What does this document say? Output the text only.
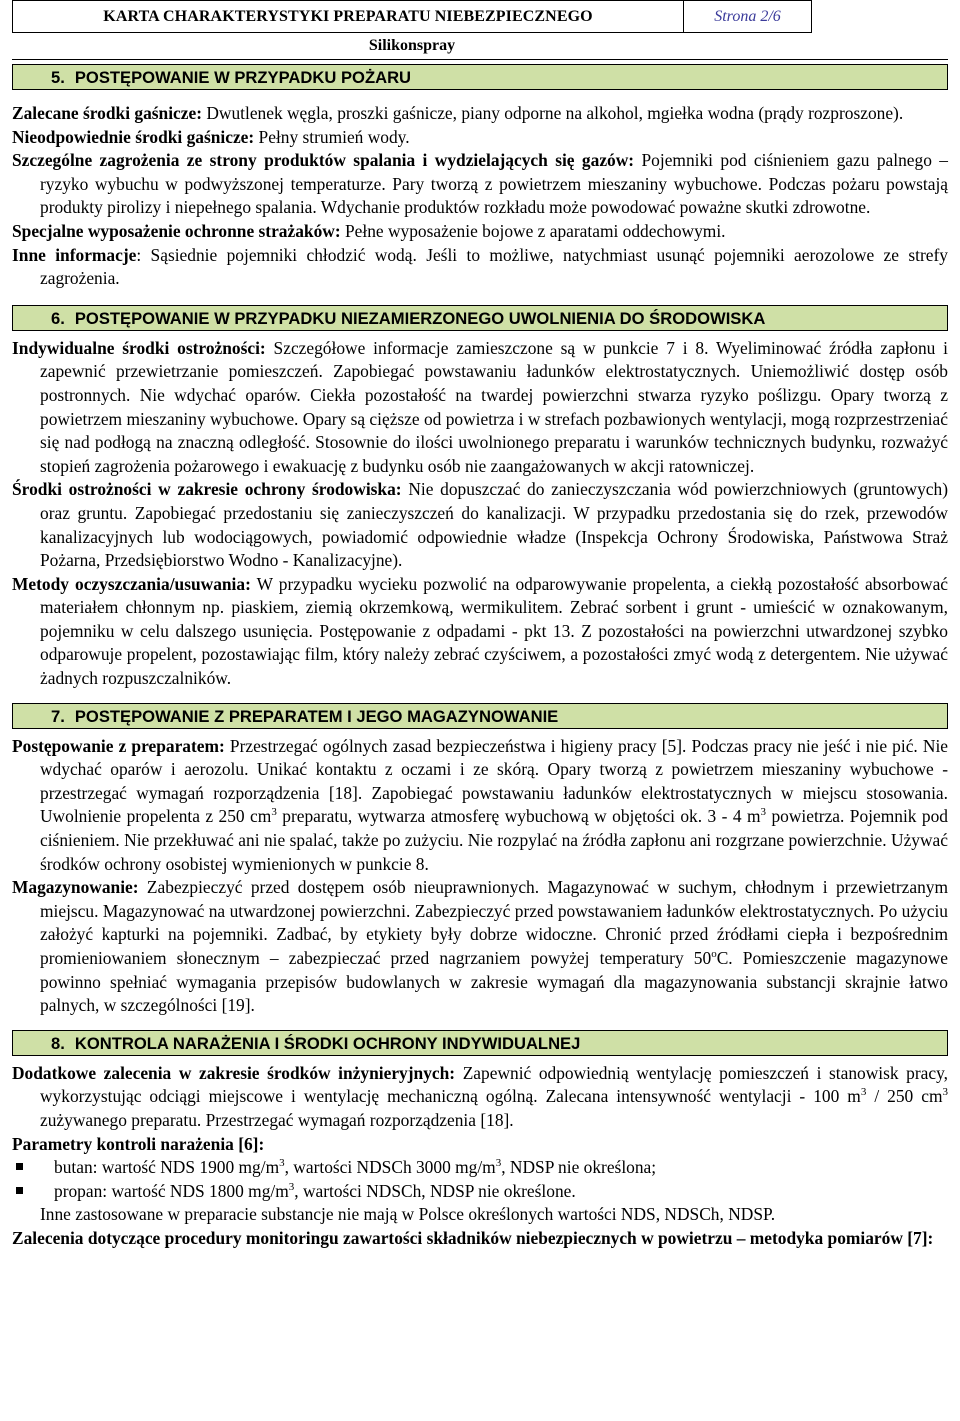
KARTA CHARAKTERYSTYKI PREPARATU NIEBEZPIECZNEGO	Strona 2/6
Silikonspray
5. POSTĘPOWANIE W PRZYPADKU POŻARU

Zalecane środki gaśnicze: Dwutlenek węgla, proszki gaśnicze, piany odporne na alkohol, mgiełka wodna (prądy rozproszone).

Nieodpowiednie środki gaśnicze: Pełny strumień wody.

Szczególne zagrożenia ze strony produktów spalania i wydzielających się gazów: Pojemniki pod ciśnieniem gazu palnego – ryzyko wybuchu w podwyższonej temperaturze. Pary tworzą z powietrzem mieszaniny wybuchowe. Podczas pożaru powstają produkty pirolizy i niepełnego spalania. Wdychanie produktów rozkładu może powodować poważne skutki zdrowotne.

Specjalne wyposażenie ochronne strażaków: Pełne wyposażenie bojowe z aparatami oddechowymi.

Inne informacje: Sąsiednie pojemniki chłodzić wodą. Jeśli to możliwe, natychmiast usunąć pojemniki aerozolowe ze strefy zagrożenia.

6. POSTĘPOWANIE W PRZYPADKU NIEZAMIERZONEGO UWOLNIENIA DO ŚRODOWISKA

Indywidualne środki ostrożności: Szczegółowe informacje zamieszczone są w punkcie 7 i 8. Wyeliminować źródła zapłonu i zapewnić przewietrzanie pomieszczeń. Zapobiegać powstawaniu ładunków elektrostatycznych. Uniemożliwić dostęp osób postronnych. Nie wdychać oparów. Ciekła pozostałość na twardej powierzchni stwarza ryzyko poślizgu. Opary tworzą z powietrzem mieszaniny wybuchowe. Opary są cięższe od powietrza i w strefach pozbawionych wentylacji, mogą rozprzestrzeniać się nad podłogą na znaczną odległość. Stosownie do ilości uwolnionego preparatu i warunków technicznych budynku, rozważyć stopień zagrożenia pożarowego i ewakuację z budynku osób nie zaangażowanych w akcji ratowniczej.

Środki ostrożności w zakresie ochrony środowiska: Nie dopuszczać do zanieczyszczania wód powierzchniowych (gruntowych) oraz gruntu. Zapobiegać przedostaniu się zanieczyszczeń do kanalizacji. W przypadku przedostania się do rzek, przewodów kanalizacyjnych lub wodociągowych, powiadomić odpowiednie władze (Inspekcja Ochrony Środowiska, Państwowa Straż Pożarna, Przedsiębiorstwo Wodno - Kanalizacyjne).

Metody oczyszczania/usuwania: W przypadku wycieku pozwolić na odparowywanie propelenta, a ciekłą pozostałość absorbować materiałem chłonnym np. piaskiem, ziemią okrzemkową, wermikulitem. Zebrać sorbent i grunt - umieścić w oznakowanym, pojemniku w celu dalszego usunięcia. Postępowanie z odpadami - pkt 13. Z pozostałości na powierzchni utwardzonej szybko odparowuje propelent, pozostawiając film, który należy zebrać czyściwem, a pozostałości zmyć wodą z detergentem. Nie używać żadnych rozpuszczalników.

7. POSTĘPOWANIE Z PREPARATEM I JEGO MAGAZYNOWANIE

Postępowanie z preparatem: Przestrzegać ogólnych zasad bezpieczeństwa i higieny pracy [5]. Podczas pracy nie jeść i nie pić. Nie wdychać oparów i aerozolu. Unikać kontaktu z oczami i ze skórą. Opary tworzą z powietrzem mieszaniny wybuchowe - przestrzegać wymagań rozporządzenia [18]. Zapobiegać powstawaniu ładunków elektrostatycznych w miejscu stosowania. Uwolnienie propelenta z 250 $cm^3$ preparatu, wytwarza atmosferę wybuchową w objętości ok. 3 - 4 $m^3$ powietrza. Pojemnik pod ciśnieniem. Nie przekłuwać ani nie spalać, także po zużyciu. Nie rozpylać na źródła zapłonu ani rozgrzane powierzchnie. Używać środków ochrony osobistej wymienionych w punkcie 8.

Magazynowanie: Zabezpieczyć przed dostępem osób nieuprawnionych. Magazynować w suchym, chłodnym i przewietrzanym miejscu. Magazynować na utwardzonej powierzchni. Zabezpieczyć przed powstawaniem ładunków elektrostatycznych. Po użyciu założyć kapturki na pojemniki. Zadbać, by etykiety były dobrze widoczne. Chronić przed źródłami ciepła i bezpośrednim promieniowaniem słonecznym – zabezpieczać przed nagrzaniem powyżej temperatury 50$^o$C. Pomieszczenie magazynowe powinno spełniać wymagania przepisów budowlanych w zakresie wymagań dla magazynowania substancji skrajnie łatwo palnych, w szczególności [19].

8. KONTROLA NARAŻENIA I ŚRODKI OCHRONY INDYWIDUALNEJ

Dodatkowe zalecenia w zakresie środków inżynieryjnych: Zapewnić odpowiednią wentylację pomieszczeń i stanowisk pracy, wykorzystując odciągi miejscowe i wentylację mechaniczną ogólną. Zalecana intensywność wentylacji - 100 $m^3 / 250$ $cm^3$ zużywanego preparatu. Przestrzegać wymagań rozporządzenia [18].

Parametry kontroli narażenia [6]:

butan: wartość NDS 1900 $mg/m^3$, wartości NDSCh 3000 $mg/m^3$, NDSP nie określona;
propan: wartość NDS 1800 $mg/m^3$, wartości NDSCh, NDSP nie określone.
Inne zastosowane w preparacie substancje nie mają w Polsce określonych wartości NDS, NDSCh, NDSP.

Zalecenia dotyczące procedury monitoringu zawartości składników niebezpiecznych w powietrzu – metodyka pomiarów [7]:
